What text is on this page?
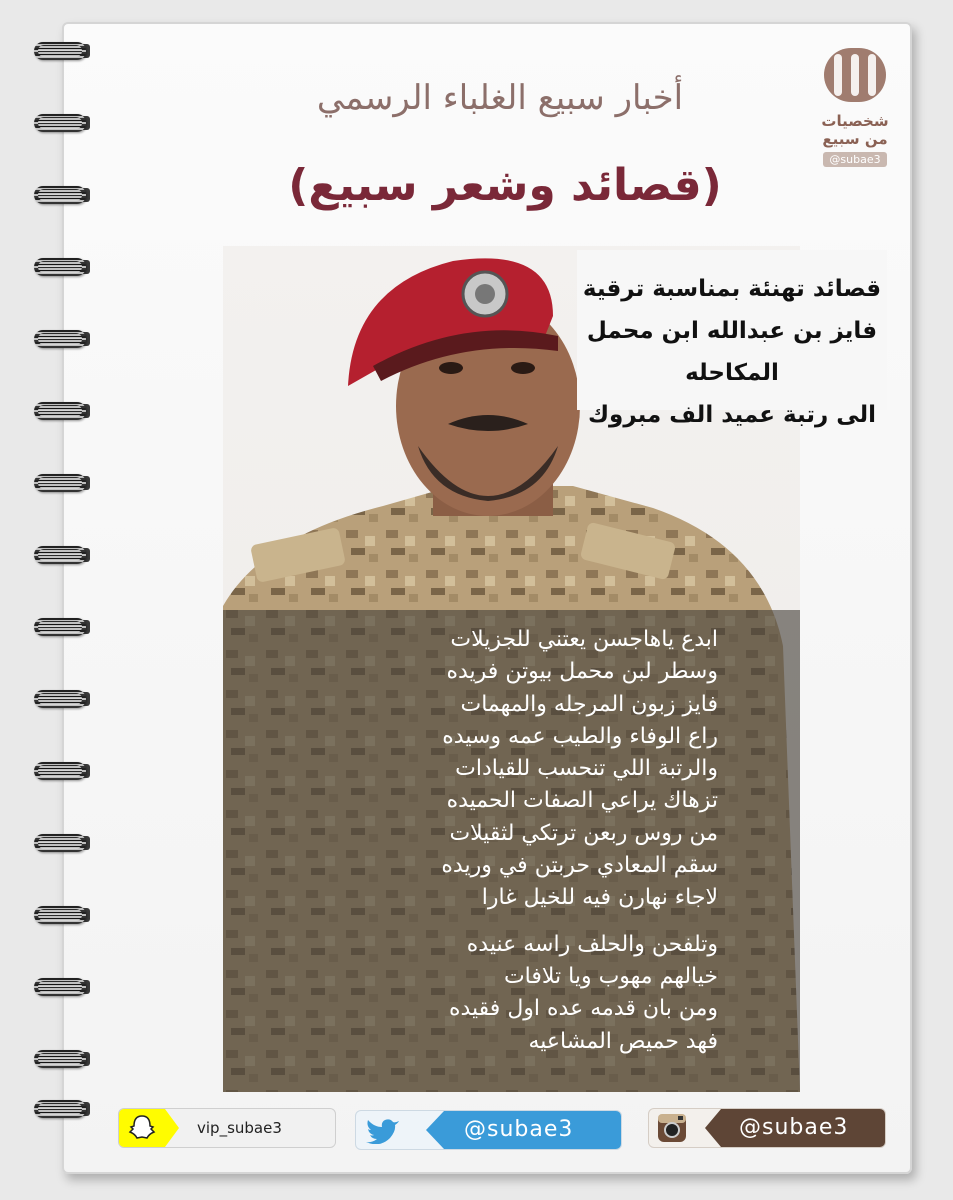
شخصيات
من سبيع
@subae3
أخبار سبيع الغلباء الرسمي
(قصائد وشعر سبيع)
قصائد تهنئة بمناسبة ترقية
فايز بن عبدالله ابن محمل المكاحله
الى رتبة عميد الف مبروك
ابدع ياهاجسن يعتني للجزيلات
وسطر لبن محمل بيوتن فريده
فايز زبون المرجله والمهمات
راع الوفاء والطيب عمه وسيده
والرتبة اللي تنحسب للقيادات
تزهاك يراعي الصفات الحميده
من روس ربعن ترتكي لثقيلات
سقم المعادي حربتن في وريده
لاجاء نهارن فيه للخيل غارا
وتلفحن والحلف راسه عنيده
خيالهم مهوب ويا تلافات
ومن بان قدمه عده اول فقيده
فهد حميص المشاعيه
vip_subae3	@subae3	@subae3
